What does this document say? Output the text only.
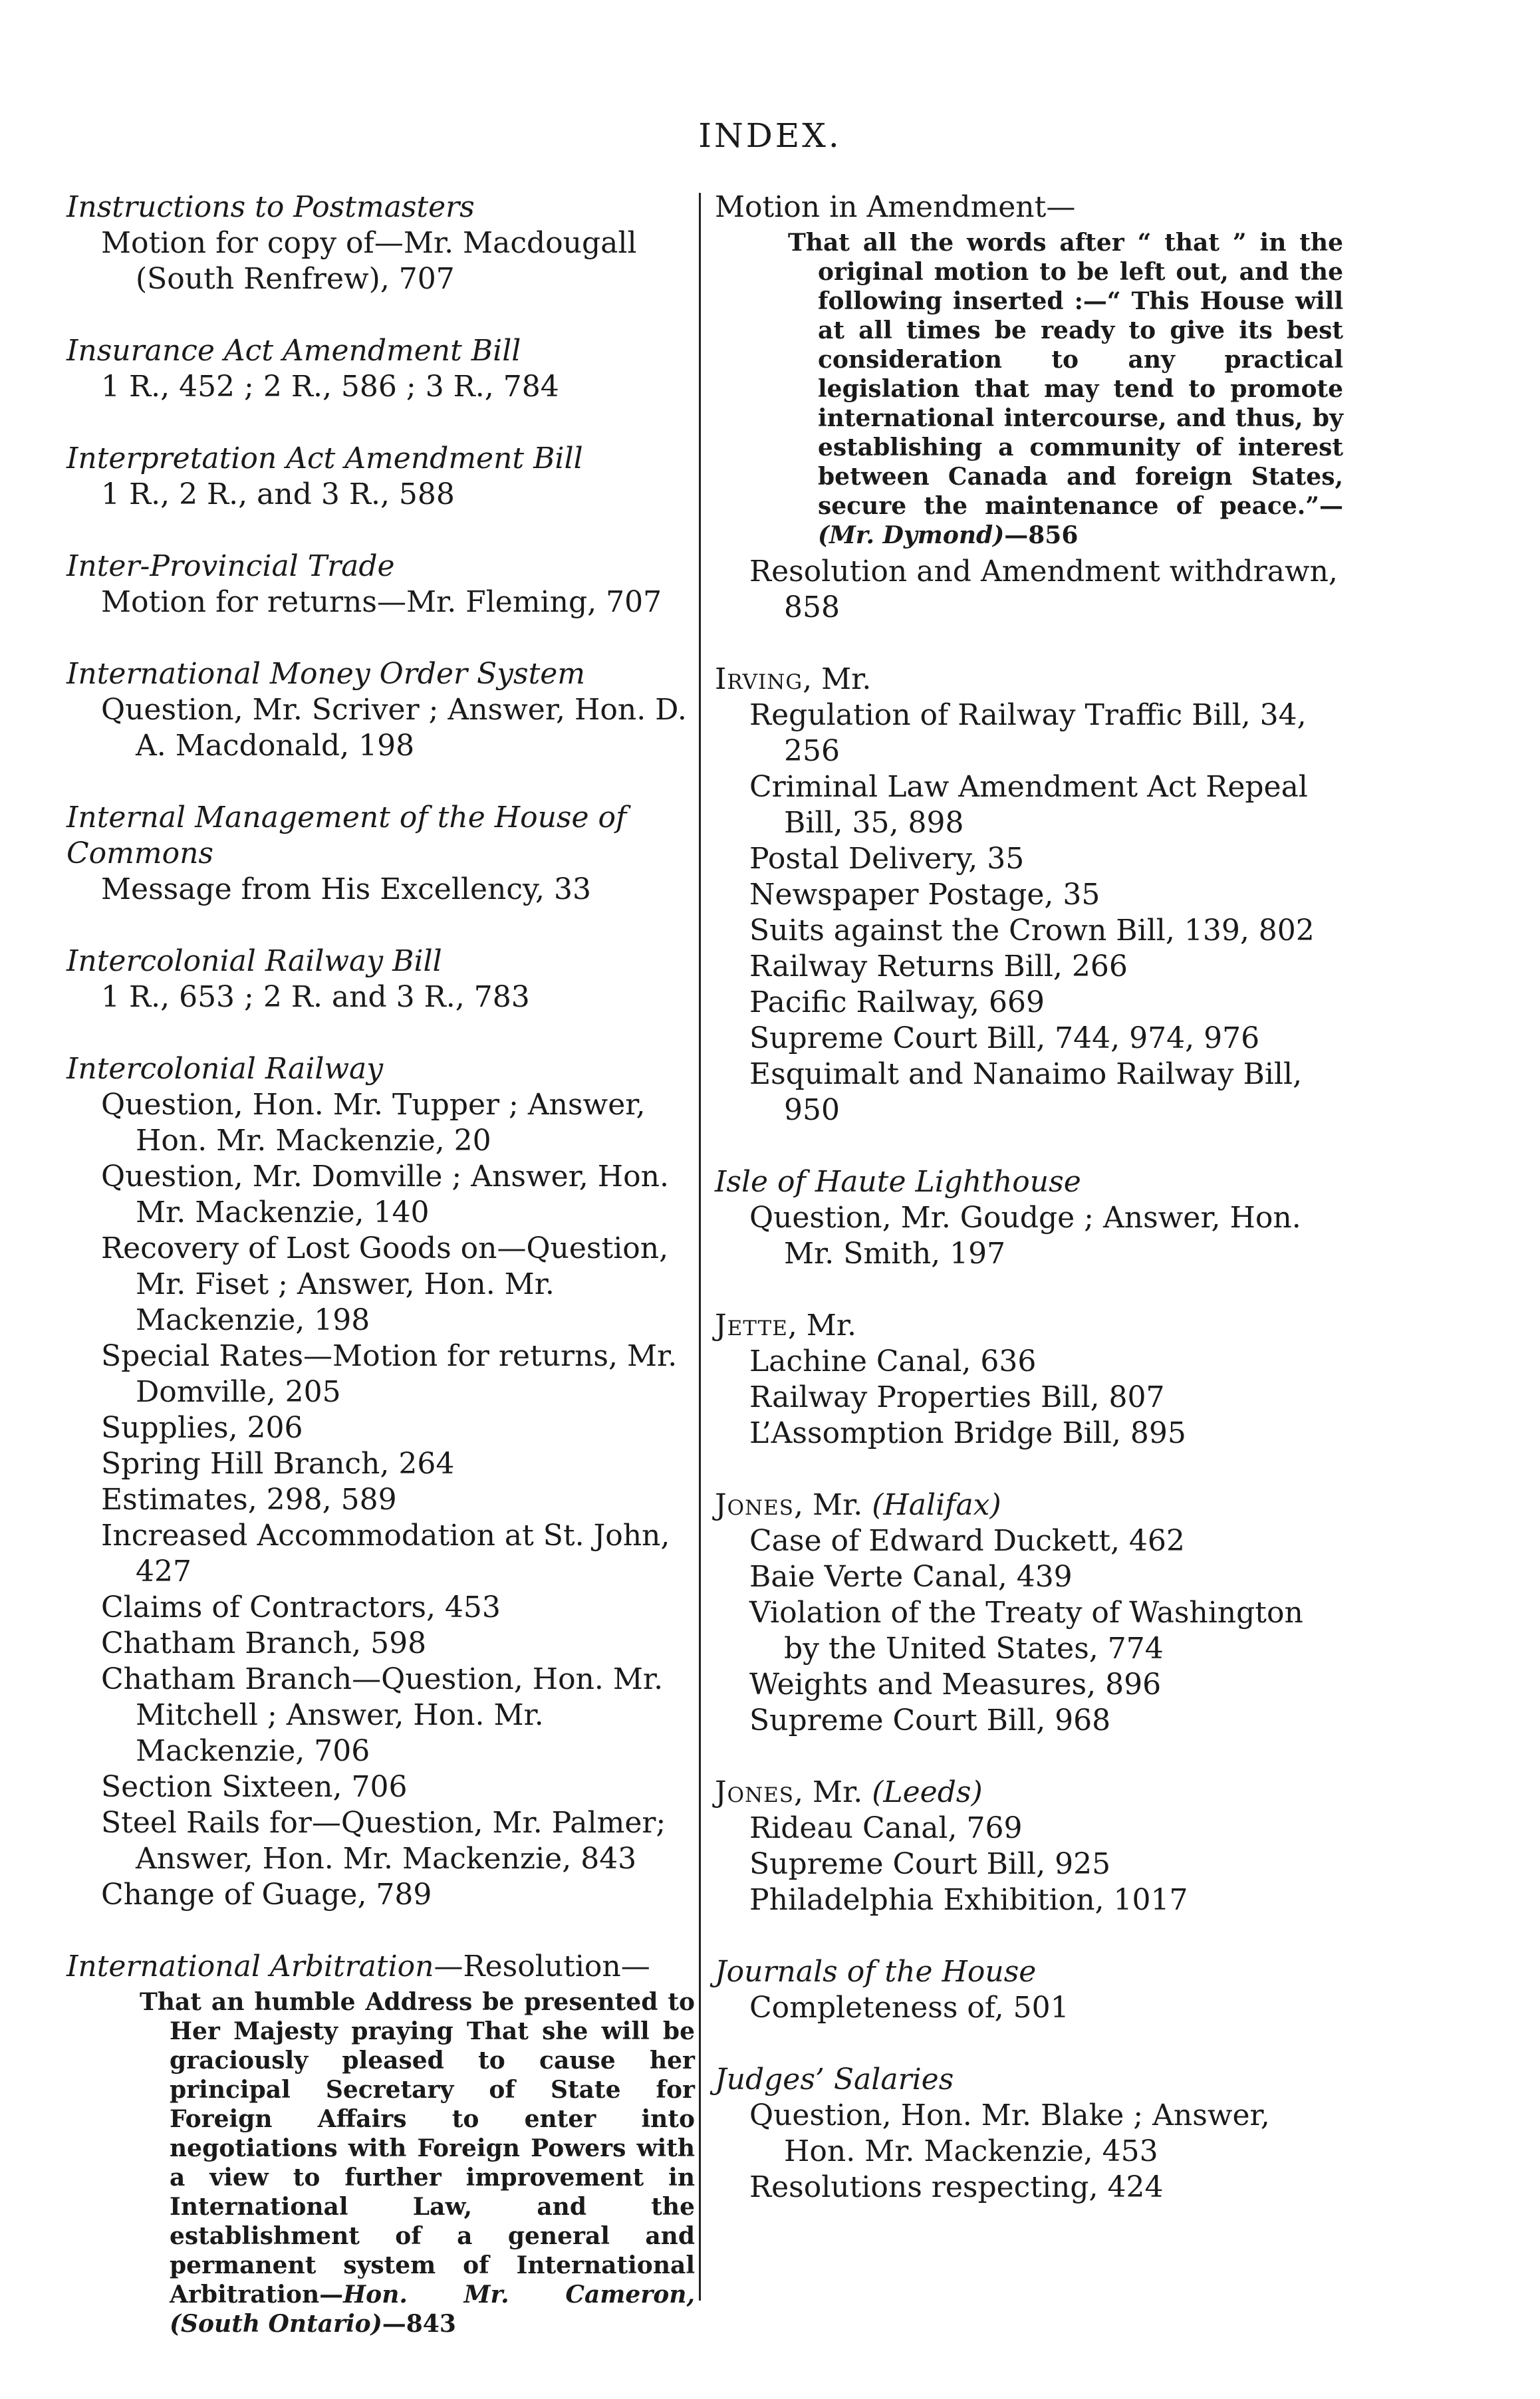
INDEX.
Instructions to Postmasters
Motion for copy of—Mr. Macdougall (South Renfrew), 707
Insurance Act Amendment Bill
1 R., 452 ; 2 R., 586 ; 3 R., 784
Interpretation Act Amendment Bill
1 R., 2 R., and 3 R., 588
Inter-Provincial Trade
Motion for returns—Mr. Fleming, 707
International Money Order System
Question, Mr. Scriver ; Answer, Hon. D. A. Macdonald, 198
Internal Management of the House of Commons
Message from His Excellency, 33
Intercolonial Railway Bill
1 R., 653 ; 2 R. and 3 R., 783
Intercolonial Railway
Question, Hon. Mr. Tupper ; Answer, Hon. Mr. Mackenzie, 20
Question, Mr. Domville ; Answer, Hon. Mr. Mackenzie, 140
Recovery of Lost Goods on—Question, Mr. Fiset ; Answer, Hon. Mr. Mackenzie, 198
Special Rates—Motion for returns, Mr. Domville, 205
Supplies, 206
Spring Hill Branch, 264
Estimates, 298, 589
Increased Accommodation at St. John, 427
Claims of Contractors, 453
Chatham Branch, 598
Chatham Branch—Question, Hon. Mr. Mitchell ; Answer, Hon. Mr. Mackenzie, 706
Section Sixteen, 706
Steel Rails for—Question, Mr. Palmer; Answer, Hon. Mr. Mackenzie, 843
Change of Guage, 789
International Arbitration—Resolution—
That an humble Address be presented to Her Majesty praying That she will be graciously pleased to cause her principal Secretary of State for Foreign Affairs to enter into negotiations with Foreign Powers with a view to further improvement in International Law, and the establishment of a general and permanent system of International Arbitration—Hon. Mr. Cameron, (South Ontario)—843
Motion in Amendment—
That all the words after “ that ” in the original motion to be left out, and the following inserted :—“ This House will at all times be ready to give its best consideration to any practical legislation that may tend to promote international intercourse, and thus, by establishing a community of interest between Canada and foreign States, secure the maintenance of peace.”—(Mr. Dymond)—856
Resolution and Amendment withdrawn, 858
Irving, Mr.
Regulation of Railway Traffic Bill, 34, 256
Criminal Law Amendment Act Repeal Bill, 35, 898
Postal Delivery, 35
Newspaper Postage, 35
Suits against the Crown Bill, 139, 802
Railway Returns Bill, 266
Pacific Railway, 669
Supreme Court Bill, 744, 974, 976
Esquimalt and Nanaimo Railway Bill, 950
Isle of Haute Lighthouse
Question, Mr. Goudge ; Answer, Hon. Mr. Smith, 197
Jette, Mr.
Lachine Canal, 636
Railway Properties Bill, 807
L’Assomption Bridge Bill, 895
Jones, Mr. (Halifax)
Case of Edward Duckett, 462
Baie Verte Canal, 439
Violation of the Treaty of Washington by the United States, 774
Weights and Measures, 896
Supreme Court Bill, 968
Jones, Mr. (Leeds)
Rideau Canal, 769
Supreme Court Bill, 925
Philadelphia Exhibition, 1017
Journals of the House
Completeness of, 501
Judges’ Salaries
Question, Hon. Mr. Blake ; Answer, Hon. Mr. Mackenzie, 453
Resolutions respecting, 424
